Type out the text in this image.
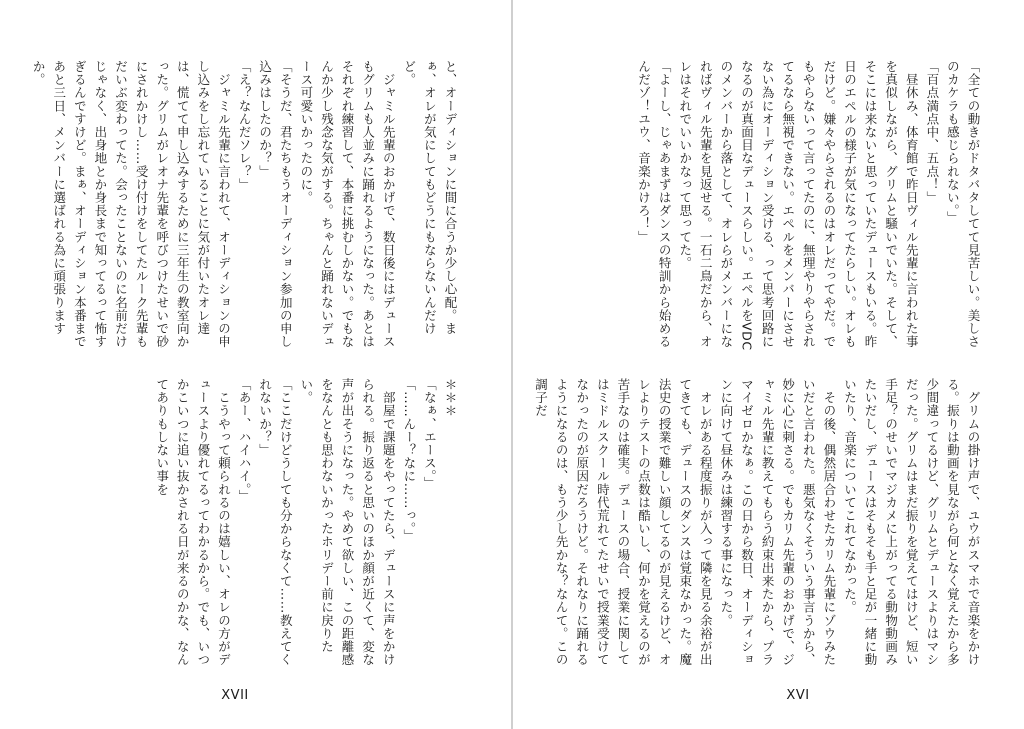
と、オーディションに間に合うか少し心配。まぁ、オレが気にしてもどうにもならないんだけど。
　ジャミル先輩のおかげで、数日後にはデュースもグリムも人並みに踊れるようになった。あとはそれぞれ練習して、本番に挑むしかない。でもなんか少し残念な気がする。ちゃんと踊れないデュース可愛いかったのに。
「そうだ、君たちもうオーディション参加の申し込みはしたのか？」
「え？なんだソレ？」
　ジャミル先輩に言われて、オーディションの申し込みをし忘れていることに気が付いたオレ達は、慌てて申し込みするために三年生の教室向かった。グリムがレオナ先輩を呼びつけたせいで砂にされかけし……受け付けをしてたルーク先輩もだいぶ変わってた。会ったことないのに名前だけじゃなく、出身地とか身長まで知ってるって怖すぎるんですけど。まぁ、オーディション本番まであと三日、メンバーに選ばれる為に頑張りますか。
＊＊＊
「なぁ、エース。」
「……んー？なに……っ。」
　部屋で課題をやってたら、デュースに声をかけられる。振り返ると思いのほか顔が近くて、変な声が出そうになった。やめて欲しい、この距離感をなんとも思わないかったホリデー前に戻りたい。
「ここだけどうしても分からなくて……教えてくれないか？」
「あー、ハイハイ。」
　こうやって頼られるのは嬉しい、オレの方がデュースより優れてるってわかるから。でも、いつかこいつに追い抜かされる日が来るのかな、なんてありもしない事を
XVII
「全ての動きがドタバタしてて見苦しい。美しさのカケラも感じられない。」
「百点満点中、五点！」
　昼休み、体育館で昨日ヴィル先輩に言われた事を真似しながら、グリムと騒いでいた。そして、そこには来ないと思っていたデュースもいる。昨日のエペルの様子が気になってたらしい。オレもだけど。嫌々やらされるのはオレだってやだ。でもやらないって言ってたのに、無理やりやらされてるなら無視できない。エペルをメンバーにさせない為にオーディション受ける、って思考回路になるのが真面目なデュースらしい。エペルをVDCのメンバーから落として、オレらがメンバーになればヴィル先輩を見返せる。一石二鳥だから、オレはそれでいいかなって思ってた。
「よーし、じゃあまずはダンスの特訓から始めるんだゾ！ユウ、音楽かけろ！」
　グリムの掛け声で、ユウがスマホで音楽をかける。振りは動画を見ながら何となく覚えたから多少間違ってるけど、グリムとデュースよりはマシだった。グリムはまだ振りを覚えてはけど、短い手足？のせいでマジカメに上がってる動物動画みたいだし、デュースはそもそも手と足が一緒に動いたり、音楽についてこれてなかった。
　その後、偶然居合わせたカリム先輩にゾウみたいだと言われた。悪気なくそういう事言うから、妙に心に刺さる。でもカリム先輩のおかげで、ジャミル先輩に教えてもらう約束出来たから、プラマイゼロかなぁ。この日から数日、オーディションに向けて昼休みは練習する事になった。
　オレがある程度振りが入って隣を見る余裕が出てきても、デュースのダンスは覚束なかった。魔法史の授業で難しい顔してるのが見えるけど、オレよりテストの点数は酷いし、何かを覚えるのが苦手なのは確実。デュースの場合、授業に関してはミドルスクール時代荒れてたせいで授業受けてなかったのが原因だろうけど。それなりに踊れるようになるのは、もう少し先かな？なんて。この調子だ
XVI
